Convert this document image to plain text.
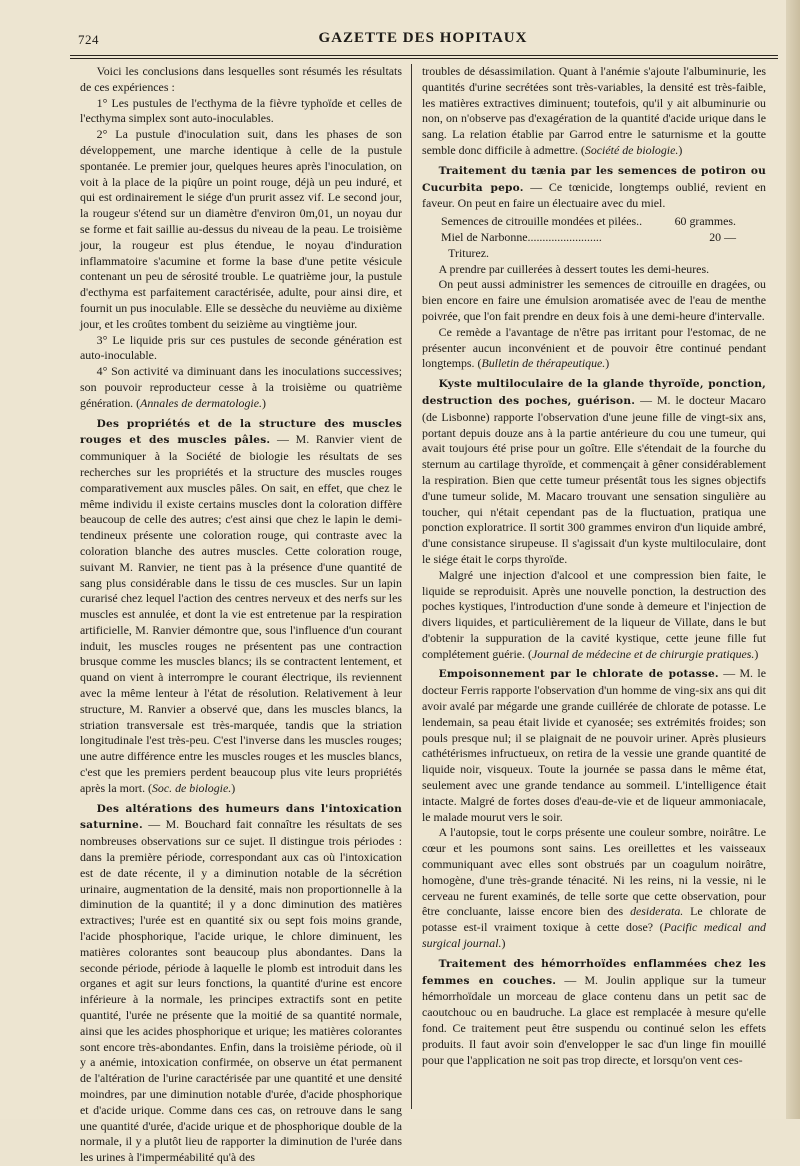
724	GAZETTE DES HOPITAUX

Voici les conclusions dans lesquelles sont résumés les résultats de ces expériences :

1° Les pustules de l'ecthyma de la fièvre typhoïde et celles de l'ecthyma simplex sont auto-inoculables.

2° La pustule d'inoculation suit, dans les phases de son développement, une marche identique à celle de la pustule spontanée. Le premier jour, quelques heures après l'inoculation, on voit à la place de la piqûre un point rouge, déjà un peu induré, et qui est ordinairement le siége d'un prurit assez vif. Le second jour, la rougeur s'étend sur un diamètre d'environ 0m,01, un noyau dur se forme et fait saillie au-dessus du niveau de la peau. Le troisième jour, la rougeur est plus étendue, le noyau d'induration inflammatoire s'acumine et forme la base d'une petite vésicule contenant un peu de sérosité trouble. Le quatrième jour, la pustule d'ecthyma est parfaitement caractérisée, adulte, pour ainsi dire, et fournit un pus inoculable. Elle se dessèche du neuvième au dixième jour, et les croûtes tombent du seizième au vingtième jour.

3° Le liquide pris sur ces pustules de seconde génération est auto-inoculable.

4° Son activité va diminuant dans les inoculations successives; son pouvoir reproducteur cesse à la troisième ou quatrième génération. (Annales de dermatologie.)

Des propriétés et de la structure des muscles rouges et des muscles pâles. — M. Ranvier vient de communiquer à la Société de biologie les résultats de ses recherches sur les propriétés et la structure des muscles rouges comparativement aux muscles pâles. On sait, en effet, que chez le même individu il existe certains muscles dont la coloration diffère beaucoup de celle des autres; c'est ainsi que chez le lapin le demi-tendineux présente une coloration rouge, qui contraste avec la coloration blanche des autres muscles. Cette coloration rouge, suivant M. Ranvier, ne tient pas à la présence d'une quantité de sang plus considérable dans le tissu de ces muscles. Sur un lapin curarisé chez lequel l'action des centres nerveux et des nerfs sur les muscles est annulée, et dont la vie est entretenue par la respiration artificielle, M. Ranvier démontre que, sous l'influence d'un courant induit, les muscles rouges ne présentent pas une contraction brusque comme les muscles blancs; ils se contractent lentement, et quand on vient à interrompre le courant électrique, ils reviennent avec la même lenteur à l'état de résolution. Relativement à leur structure, M. Ranvier a observé que, dans les muscles blancs, la striation transversale est très-marquée, tandis que la striation longitudinale l'est très-peu. C'est l'inverse dans les muscles rouges; une autre différence entre les muscles rouges et les muscles blancs, c'est que les premiers perdent beaucoup plus vite leurs propriétés après la mort. (Soc. de biologie.)

Des altérations des humeurs dans l'intoxication saturnine. — M. Bouchard fait connaître les résultats de ses nombreuses observations sur ce sujet. Il distingue trois périodes : dans la première période, correspondant aux cas où l'intoxication est de date récente, il y a diminution notable de la sécrétion urinaire, augmentation de la densité, mais non proportionnelle à la diminution de la quantité; il y a donc diminution des matières extractives; l'urée est en quantité six ou sept fois moins grande, l'acide phosphorique, l'acide urique, le chlore diminuent, les matières colorantes sont beaucoup plus abondantes. Dans la seconde période, période à laquelle le plomb est introduit dans les organes et agit sur leurs fonctions, la quantité d'urine est encore inférieure à la normale, les principes extractifs sont en petite quantité, l'urée ne présente que la moitié de sa quantité normale, ainsi que les acides phosphorique et urique; les matières colorantes sont encore très-abondantes. Enfin, dans la troisième période, où il y a anémie, intoxication confirmée, on observe un état permanent de l'altération de l'urine caractérisée par une quantité et une densité moindres, par une diminution notable d'urée, d'acide phosphorique et d'acide urique. Comme dans ces cas, on retrouve dans le sang une quantité d'urée, d'acide urique et de phosphorique double de la normale, il y a plutôt lieu de rapporter la diminution de l'urée dans les urines à l'imperméabilité qu'à des

troubles de désassimilation. Quant à l'anémie s'ajoute l'albuminurie, les quantités d'urine secrétées sont très-variables, la densité est très-faible, les matières extractives diminuent; toutefois, qu'il y ait albuminurie ou non, on n'observe pas d'exagération de la quantité d'acide urique dans le sang. La relation établie par Garrod entre le saturnisme et la goutte semble donc difficile à admettre. (Société de biologie.)

Traitement du tænia par les semences de potiron ou Cucurbita pepo. — Ce tœnicide, longtemps oublié, revient en faveur. On peut en faire un électuaire avec du miel.

Semences de citrouille mondées et pilées..	60 grammes.
Miel de Narbonne.........................	20 —
Triturez.

A prendre par cuillerées à dessert toutes les demi-heures.

On peut aussi administrer les semences de citrouille en dragées, ou bien encore en faire une émulsion aromatisée avec de l'eau de menthe poivrée, que l'on fait prendre en deux fois à une demi-heure d'intervalle.

Ce remède a l'avantage de n'être pas irritant pour l'estomac, de ne présenter aucun inconvénient et de pouvoir être continué pendant longtemps. (Bulletin de thérapeutique.)

Kyste multiloculaire de la glande thyroïde, ponction, destruction des poches, guérison. — M. le docteur Macaro (de Lisbonne) rapporte l'observation d'une jeune fille de vingt-six ans, portant depuis douze ans à la partie antérieure du cou une tumeur, qui avait toujours été prise pour un goître. Elle s'étendait de la fourche du sternum au cartilage thyroïde, et commençait à gêner considérablement la respiration. Bien que cette tumeur présentât tous les signes objectifs d'une tumeur solide, M. Macaro trouvant une sensation singulière au toucher, qui n'était cependant pas de la fluctuation, pratiqua une ponction exploratrice. Il sortit 300 grammes environ d'un liquide ambré, d'une consistance sirupeuse. Il s'agissait d'un kyste multiloculaire, dont le siége était le corps thyroïde.

Malgré une injection d'alcool et une compression bien faite, le liquide se reproduisit. Après une nouvelle ponction, la destruction des poches kystiques, l'introduction d'une sonde à demeure et l'injection de divers liquides, et particulièrement de la liqueur de Villate, dans le but d'obtenir la suppuration de la cavité kystique, cette jeune fille fut complétement guérie. (Journal de médecine et de chirurgie pratiques.)

Empoisonnement par le chlorate de potasse. — M. le docteur Ferris rapporte l'observation d'un homme de ving-six ans qui dit avoir avalé par mégarde une grande cuillérée de chlorate de potasse. Le lendemain, sa peau était livide et cyanosée; ses extrémités froides; son pouls presque nul; il se plaignait de ne pouvoir uriner. Après plusieurs cathétérismes infructueux, on retira de la vessie une grande quantité de liquide noir, visqueux. Toute la journée se passa dans le même état, seulement avec une grande tendance au sommeil. L'intelligence était intacte. Malgré de fortes doses d'eau-de-vie et de liqueur ammoniacale, le malade mourut vers le soir.

A l'autopsie, tout le corps présente une couleur sombre, noirâtre. Le cœur et les poumons sont sains. Les oreillettes et les vaisseaux communiquant avec elles sont obstrués par un coagulum noirâtre, homogène, d'une très-grande ténacité. Ni les reins, ni la vessie, ni le cerveau ne furent examinés, de telle sorte que cette observation, pour être concluante, laisse encore bien des desiderata. Le chlorate de potasse est-il vraiment toxique à cette dose? (Pacific medical and surgical journal.)

Traitement des hémorrhoïdes enflammées chez les femmes en couches. — M. Joulin applique sur la tumeur hémorrhoïdale un morceau de glace contenu dans un petit sac de caoutchouc ou en baudruche. La glace est remplacée à mesure qu'elle fond. Ce traitement peut être suspendu ou continué selon les effets produits. Il faut avoir soin d'envelopper le sac d'un linge fin mouillé pour que l'application ne soit pas trop directe, et lorsqu'on vent ces-
